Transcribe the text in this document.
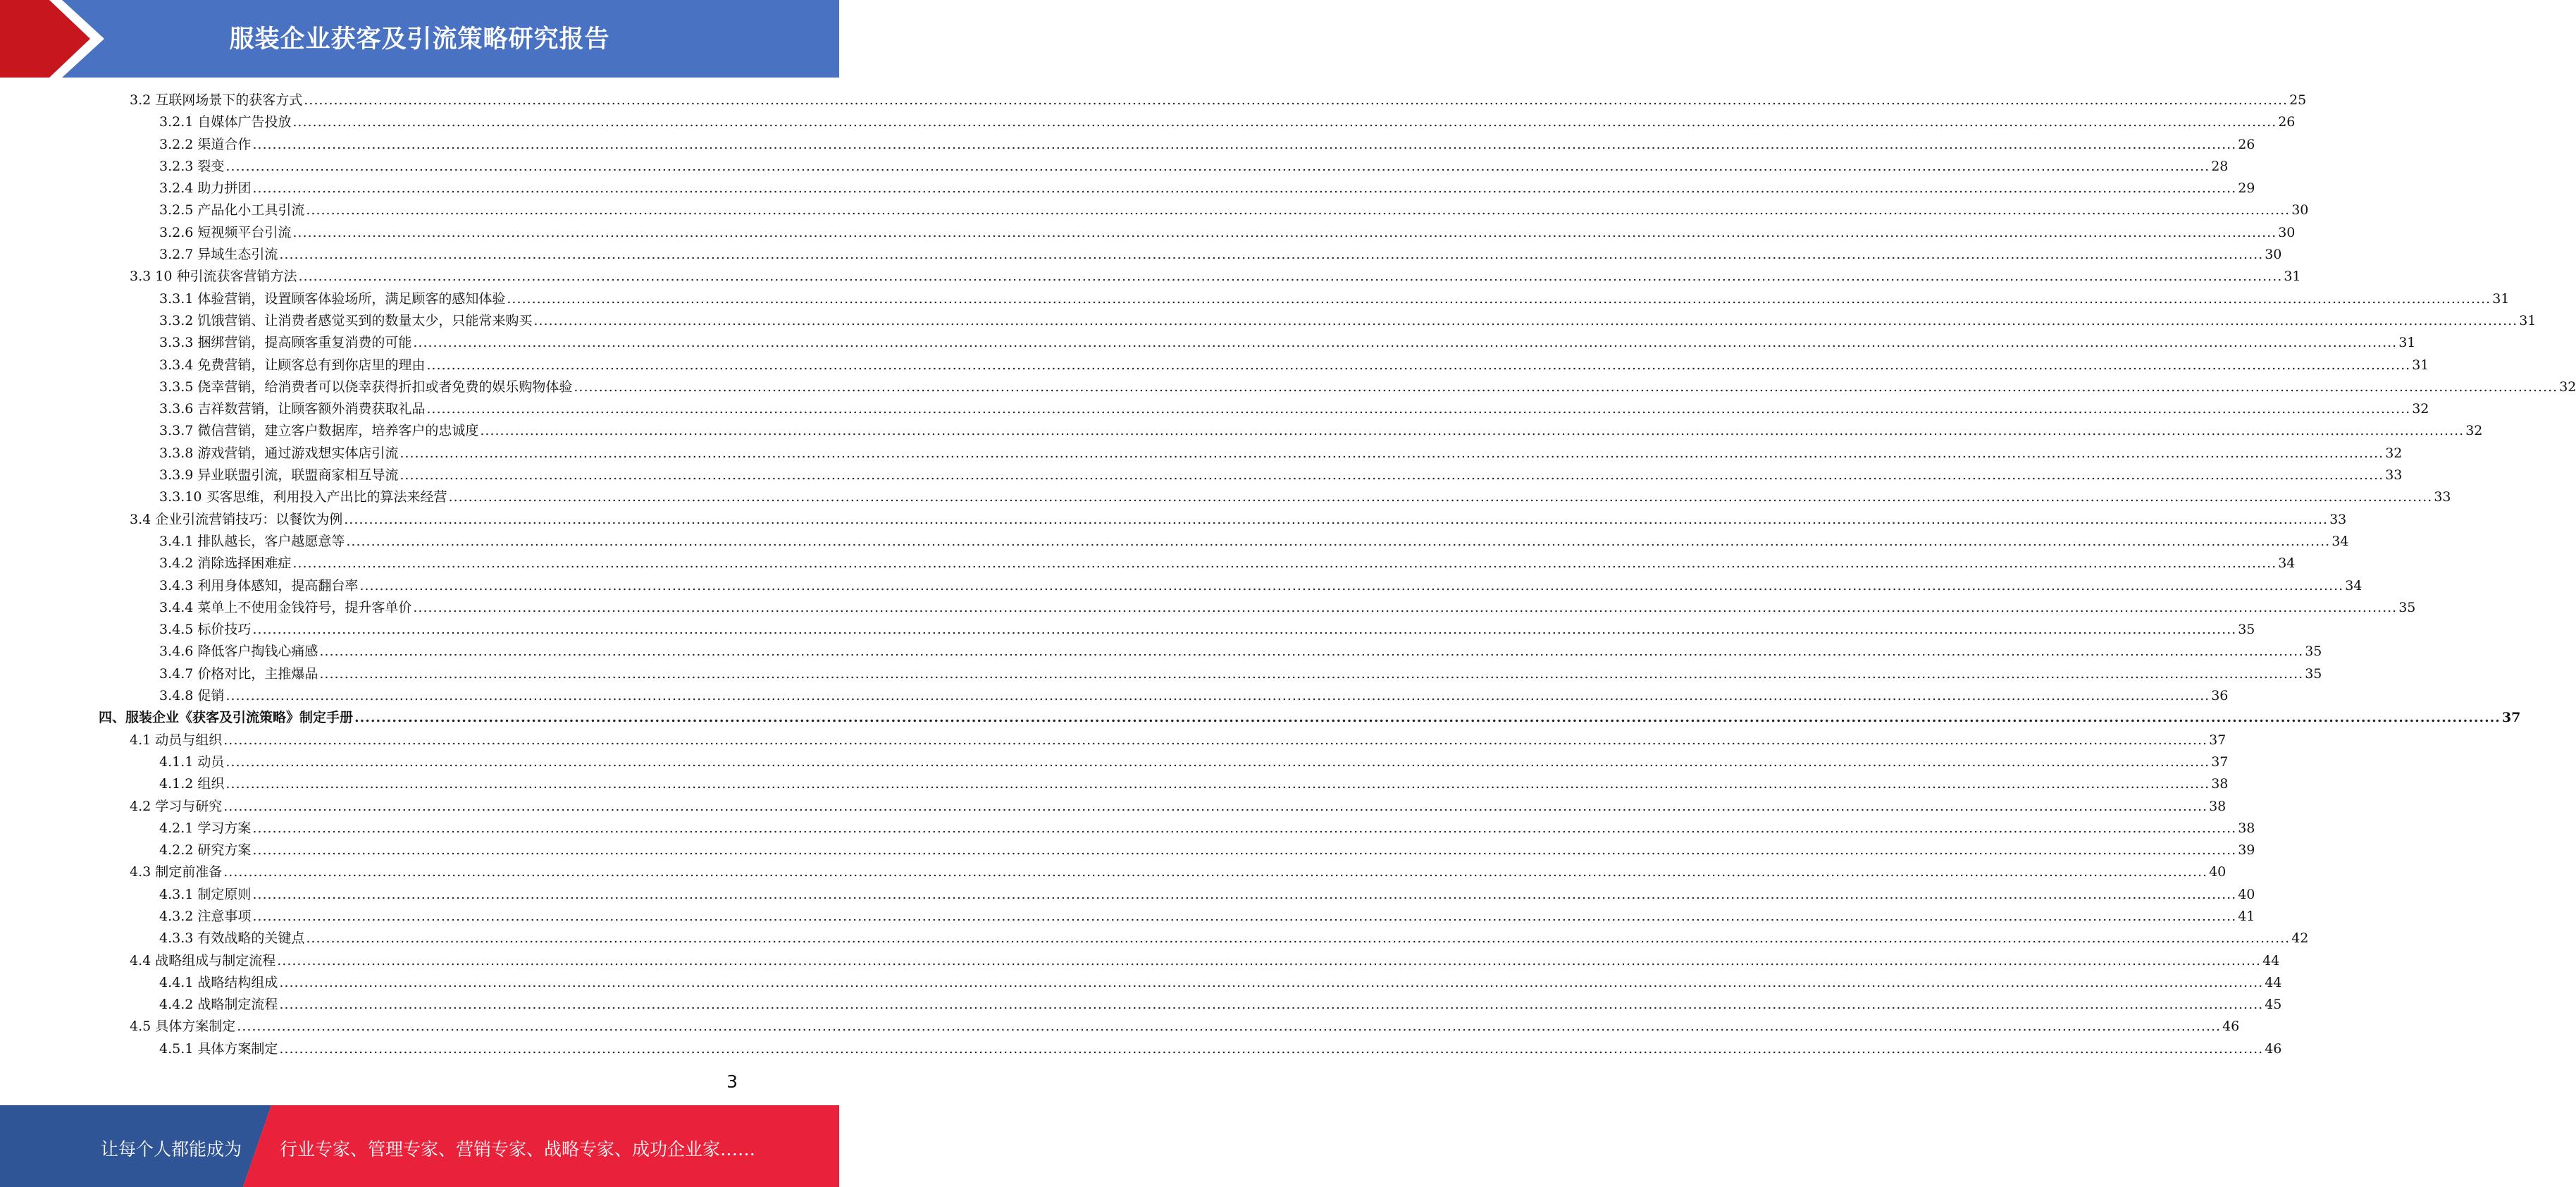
服装企业获客及引流策略研究报告
3.2 互联网场景下的获客方式 ................................................................................................................................................................................................................................................................................................................................................................................................................ 25
3.2.1 自媒体广告投放 ................................................................................................................................................................................................................................................................................................................................................................................................................ 26
3.2.2 渠道合作 ................................................................................................................................................................................................................................................................................................................................................................................................................ 26
3.2.3 裂变 ................................................................................................................................................................................................................................................................................................................................................................................................................ 28
3.2.4 助力拼团 ................................................................................................................................................................................................................................................................................................................................................................................................................ 29
3.2.5 产品化小工具引流 ................................................................................................................................................................................................................................................................................................................................................................................................................ 30
3.2.6 短视频平台引流 ................................................................................................................................................................................................................................................................................................................................................................................................................ 30
3.2.7 异域生态引流 ................................................................................................................................................................................................................................................................................................................................................................................................................ 30
3.3 10 种引流获客营销方法 ................................................................................................................................................................................................................................................................................................................................................................................................................ 31
3.3.1 体验营销，设置顾客体验场所，满足顾客的感知体验 ................................................................................................................................................................................................................................................................................................................................................................................................................ 31
3.3.2 饥饿营销、让消费者感觉买到的数量太少，只能常来购买 ................................................................................................................................................................................................................................................................................................................................................................................................................ 31
3.3.3 捆绑营销，提高顾客重复消费的可能 ................................................................................................................................................................................................................................................................................................................................................................................................................ 31
3.3.4 免费营销，让顾客总有到你店里的理由 ................................................................................................................................................................................................................................................................................................................................................................................................................ 31
3.3.5 侥幸营销，给消费者可以侥幸获得折扣或者免费的娱乐购物体验 ................................................................................................................................................................................................................................................................................................................................................................................................................ 32
3.3.6 吉祥数营销，让顾客额外消费获取礼品 ................................................................................................................................................................................................................................................................................................................................................................................................................ 32
3.3.7 微信营销，建立客户数据库，培养客户的忠诚度 ................................................................................................................................................................................................................................................................................................................................................................................................................ 32
3.3.8 游戏营销，通过游戏想实体店引流 ................................................................................................................................................................................................................................................................................................................................................................................................................ 32
3.3.9 异业联盟引流，联盟商家相互导流 ................................................................................................................................................................................................................................................................................................................................................................................................................ 33
3.3.10 买客思维，利用投入产出比的算法来经营 ................................................................................................................................................................................................................................................................................................................................................................................................................ 33
3.4 企业引流营销技巧：以餐饮为例 ................................................................................................................................................................................................................................................................................................................................................................................................................ 33
3.4.1 排队越长，客户越愿意等 ................................................................................................................................................................................................................................................................................................................................................................................................................ 34
3.4.2 消除选择困难症 ................................................................................................................................................................................................................................................................................................................................................................................................................ 34
3.4.3 利用身体感知，提高翻台率 ................................................................................................................................................................................................................................................................................................................................................................................................................ 34
3.4.4 菜单上不使用金钱符号，提升客单价 ................................................................................................................................................................................................................................................................................................................................................................................................................ 35
3.4.5 标价技巧 ................................................................................................................................................................................................................................................................................................................................................................................................................ 35
3.4.6 降低客户掏钱心痛感 ................................................................................................................................................................................................................................................................................................................................................................................................................ 35
3.4.7 价格对比，主推爆品 ................................................................................................................................................................................................................................................................................................................................................................................................................ 35
3.4.8 促销 ................................................................................................................................................................................................................................................................................................................................................................................................................ 36
四、服装企业《获客及引流策略》制定手册 ................................................................................................................................................................................................................................................................................................................................................................................................................ 37
4.1 动员与组织 ................................................................................................................................................................................................................................................................................................................................................................................................................ 37
4.1.1 动员 ................................................................................................................................................................................................................................................................................................................................................................................................................ 37
4.1.2 组织 ................................................................................................................................................................................................................................................................................................................................................................................................................ 38
4.2 学习与研究 ................................................................................................................................................................................................................................................................................................................................................................................................................ 38
4.2.1 学习方案 ................................................................................................................................................................................................................................................................................................................................................................................................................ 38
4.2.2 研究方案 ................................................................................................................................................................................................................................................................................................................................................................................................................ 39
4.3 制定前准备 ................................................................................................................................................................................................................................................................................................................................................................................................................ 40
4.3.1 制定原则 ................................................................................................................................................................................................................................................................................................................................................................................................................ 40
4.3.2 注意事项 ................................................................................................................................................................................................................................................................................................................................................................................................................ 41
4.3.3 有效战略的关键点 ................................................................................................................................................................................................................................................................................................................................................................................................................ 42
4.4 战略组成与制定流程 ................................................................................................................................................................................................................................................................................................................................................................................................................ 44
4.4.1 战略结构组成 ................................................................................................................................................................................................................................................................................................................................................................................................................ 44
4.4.2 战略制定流程 ................................................................................................................................................................................................................................................................................................................................................................................................................ 45
4.5 具体方案制定 ................................................................................................................................................................................................................................................................................................................................................................................................................ 46
4.5.1 具体方案制定 ................................................................................................................................................................................................................................................................................................................................................................................................................ 46
3
让每个人都能成为 行业专家、管理专家、营销专家、战略专家、成功企业家……
